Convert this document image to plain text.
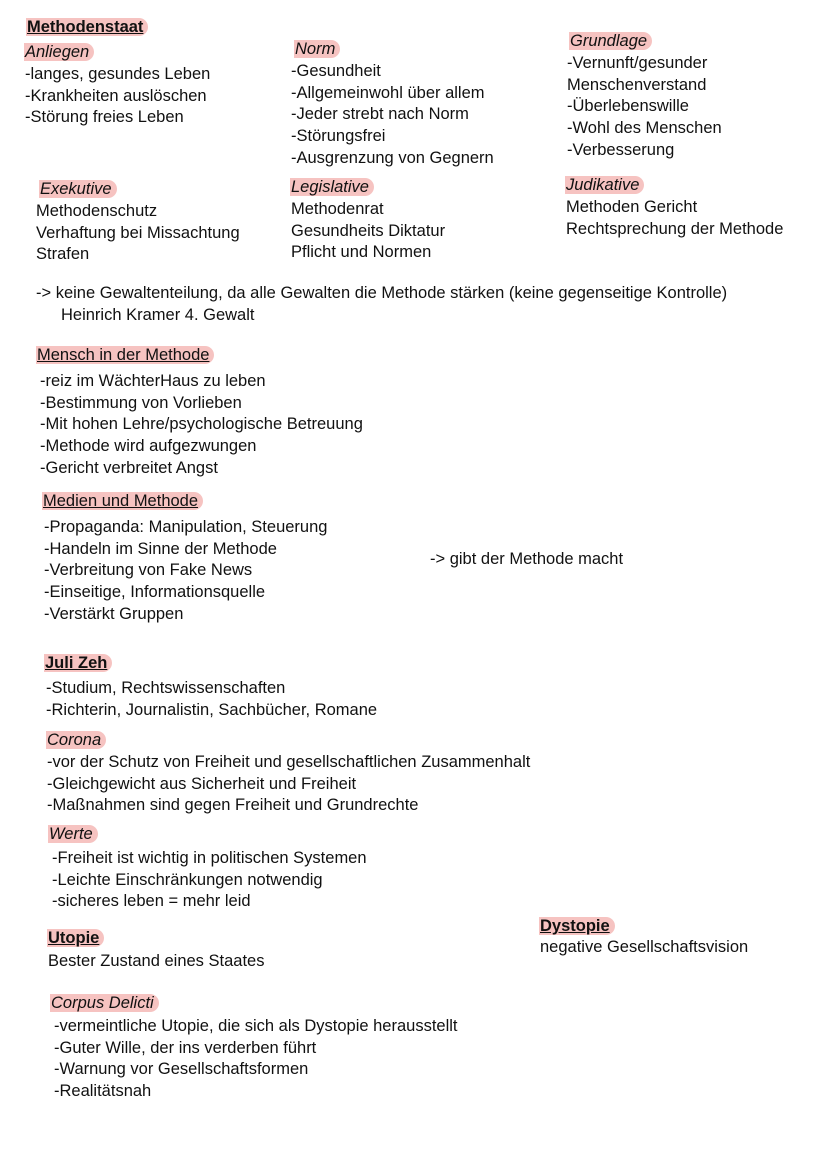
Methodenstaat
Anliegen
-langes, gesundes Leben
-Krankheiten auslöschen
-Störung freies Leben
Norm
-Gesundheit
-Allgemeinwohl über allem
-Jeder strebt nach Norm
-Störungsfrei
-Ausgrenzung von Gegnern
Grundlage
-Vernunft/gesunder
Menschenverstand
-Überlebenswille
-Wohl des Menschen
-Verbesserung
Exekutive
Methodenschutz
Verhaftung bei Missachtung
Strafen
Legislative
Methodenrat
Gesundheits Diktatur
Pflicht und Normen
Judikative
Methoden Gericht
Rechtsprechung der Methode
-> keine Gewaltenteilung, da alle Gewalten die Methode stärken (keine gegenseitige Kontrolle)
Heinrich Kramer 4. Gewalt
Mensch in der Methode
-reiz im WächterHaus zu leben
-Bestimmung von Vorlieben
-Mit hohen Lehre/psychologische Betreuung
-Methode wird aufgezwungen
-Gericht verbreitet Angst
Medien und Methode
-Propaganda: Manipulation, Steuerung
-Handeln im Sinne der Methode
-Verbreitung von Fake News
-Einseitige, Informationsquelle
-Verstärkt Gruppen
-> gibt der Methode macht
Juli Zeh
-Studium, Rechtswissenschaften
-Richterin, Journalistin, Sachbücher, Romane
Corona
-vor der Schutz von Freiheit und gesellschaftlichen Zusammenhalt
-Gleichgewicht aus Sicherheit und Freiheit
-Maßnahmen sind gegen Freiheit und Grundrechte
Werte
-Freiheit ist wichtig in politischen Systemen
-Leichte Einschränkungen notwendig
-sicheres leben = mehr leid
Dystopie
negative Gesellschaftsvision
Utopie
Bester Zustand eines Staates
Corpus Delicti
-vermeintliche Utopie, die sich als Dystopie herausstellt
-Guter Wille, der ins verderben führt
-Warnung vor Gesellschaftsformen
-Realitätsnah
